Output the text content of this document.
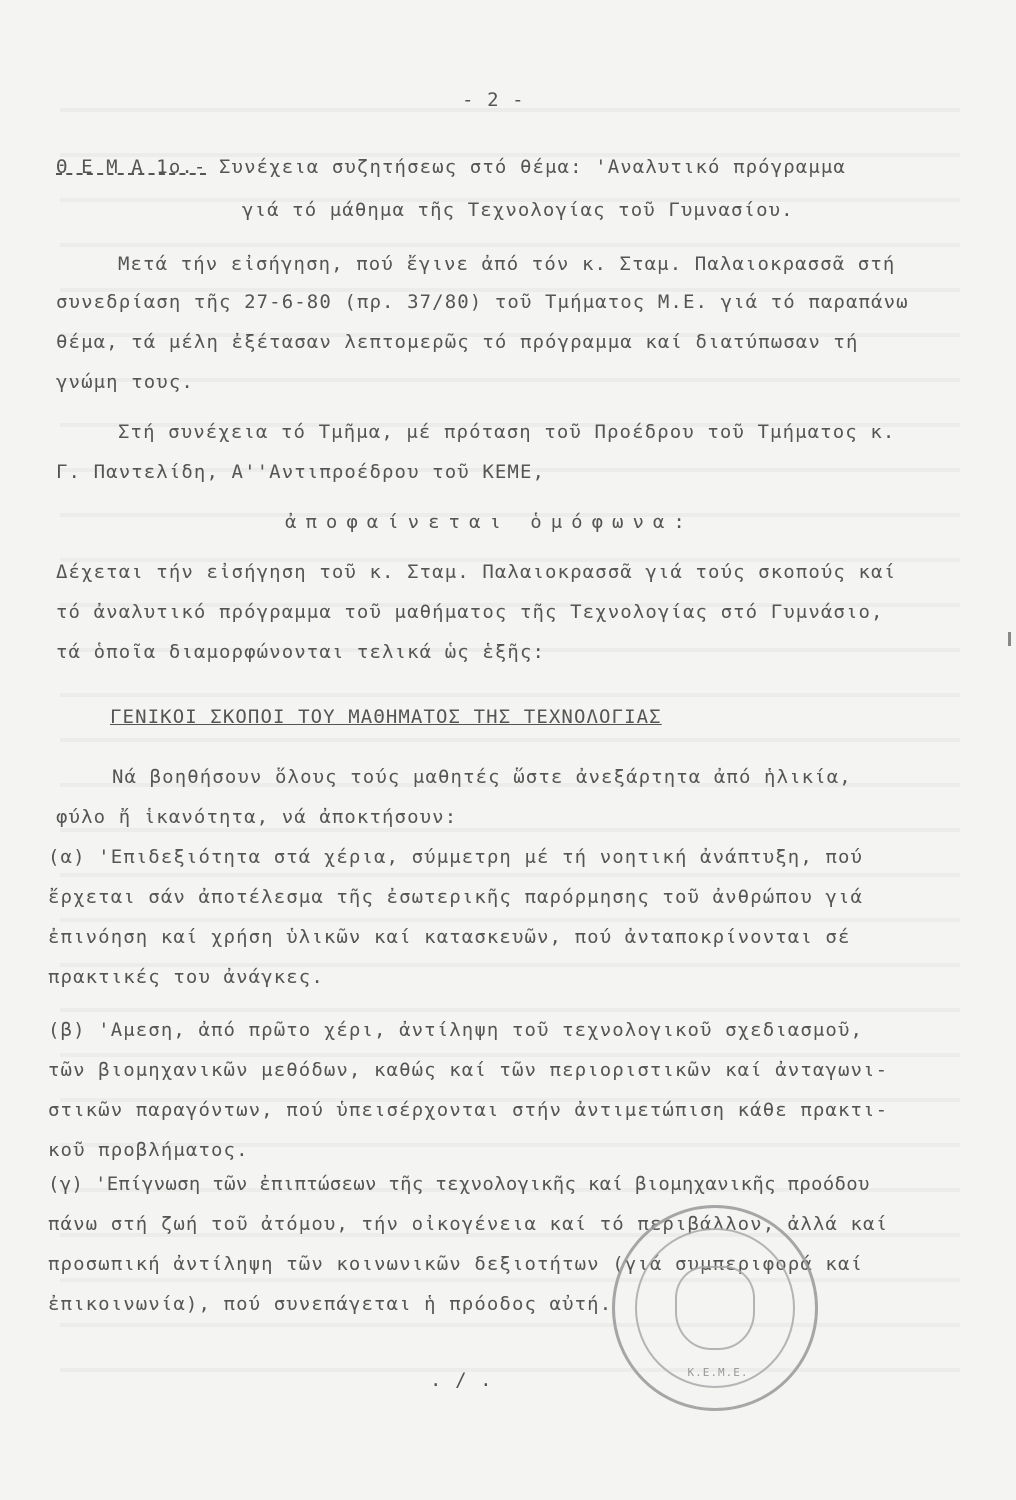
- 2 -
Θ Ε Μ Α 1ο.- Συνέχεια συζητήσεως στό θέμα: 'Αναλυτικό πρόγραμμα
γιά τό μάθημα τῆς Τεχνολογίας τοῦ Γυμνασίου.
Μετά τήν εἰσήγηση, πού ἔγινε ἀπό τόν κ. Σταμ. Παλαιοκρασσᾶ στή
συνεδρίαση τῆς 27-6-80 (πρ. 37/80) τοῦ Τμήματος Μ.Ε. γιά τό παραπάνω
θέμα, τά μέλη ἐξέτασαν λεπτομερῶς τό πρόγραμμα καί διατύπωσαν τή
γνώμη τους.
Στή συνέχεια τό Τμῆμα, μέ πρόταση τοῦ Προέδρου τοῦ Τμήματος κ.
Γ. Παντελίδη, Α''Αντιπροέδρου τοῦ ΚΕΜΕ,
ἀποφαίνεται ὁμόφωνα:
Δέχεται τήν εἰσήγηση τοῦ κ. Σταμ. Παλαιοκρασσᾶ γιά τούς σκοπούς καί
τό ἀναλυτικό πρόγραμμα τοῦ μαθήματος τῆς Τεχνολογίας στό Γυμνάσιο,
τά ὁποῖα διαμορφώνονται τελικά ὡς ἑξῆς:
ΓΕΝΙΚΟΙ ΣΚΟΠΟΙ ΤΟΥ ΜΑΘΗΜΑΤΟΣ ΤΗΣ ΤΕΧΝΟΛΟΓΙΑΣ
Νά βοηθήσουν ὅλους τούς μαθητές ὥστε ἀνεξάρτητα ἀπό ἡλικία,
φύλο ἤ ἱκανότητα, νά ἀποκτήσουν:
(α) 'Επιδεξιότητα στά χέρια, σύμμετρη μέ τή νοητική ἀνάπτυξη, πού
ἔρχεται σάν ἀποτέλεσμα τῆς ἐσωτερικῆς παρόρμησης τοῦ ἀνθρώπου γιά
ἐπινόηση καί χρήση ὑλικῶν καί κατασκευῶν, πού ἀνταποκρίνονται σέ
πρακτικές του ἀνάγκες.
(β) 'Αμεση, ἀπό πρῶτο χέρι, ἀντίληψη τοῦ τεχνολογικοῦ σχεδιασμοῦ,
τῶν βιομηχανικῶν μεθόδων, καθώς καί τῶν περιοριστικῶν καί ἀνταγωνι-
στικῶν παραγόντων, πού ὑπεισέρχονται στήν ἀντιμετώπιση κάθε πρακτι-
κοῦ προβλήματος.
(γ) 'Επίγνωση τῶν ἐπιπτώσεων τῆς τεχνολογικῆς καί βιομηχανικῆς προόδου
πάνω στή ζωή τοῦ ἀτόμου, τήν οἰκογένεια καί τό περιβάλλον, ἀλλά καί
προσωπική ἀντίληψη τῶν κοινωνικῶν δεξιοτήτων (γιά συμπεριφορά καί
ἐπικοινωνία), πού συνεπάγεται ἡ πρόοδος αὐτή.
. / .	Κ.Ε.Μ.Ε.
